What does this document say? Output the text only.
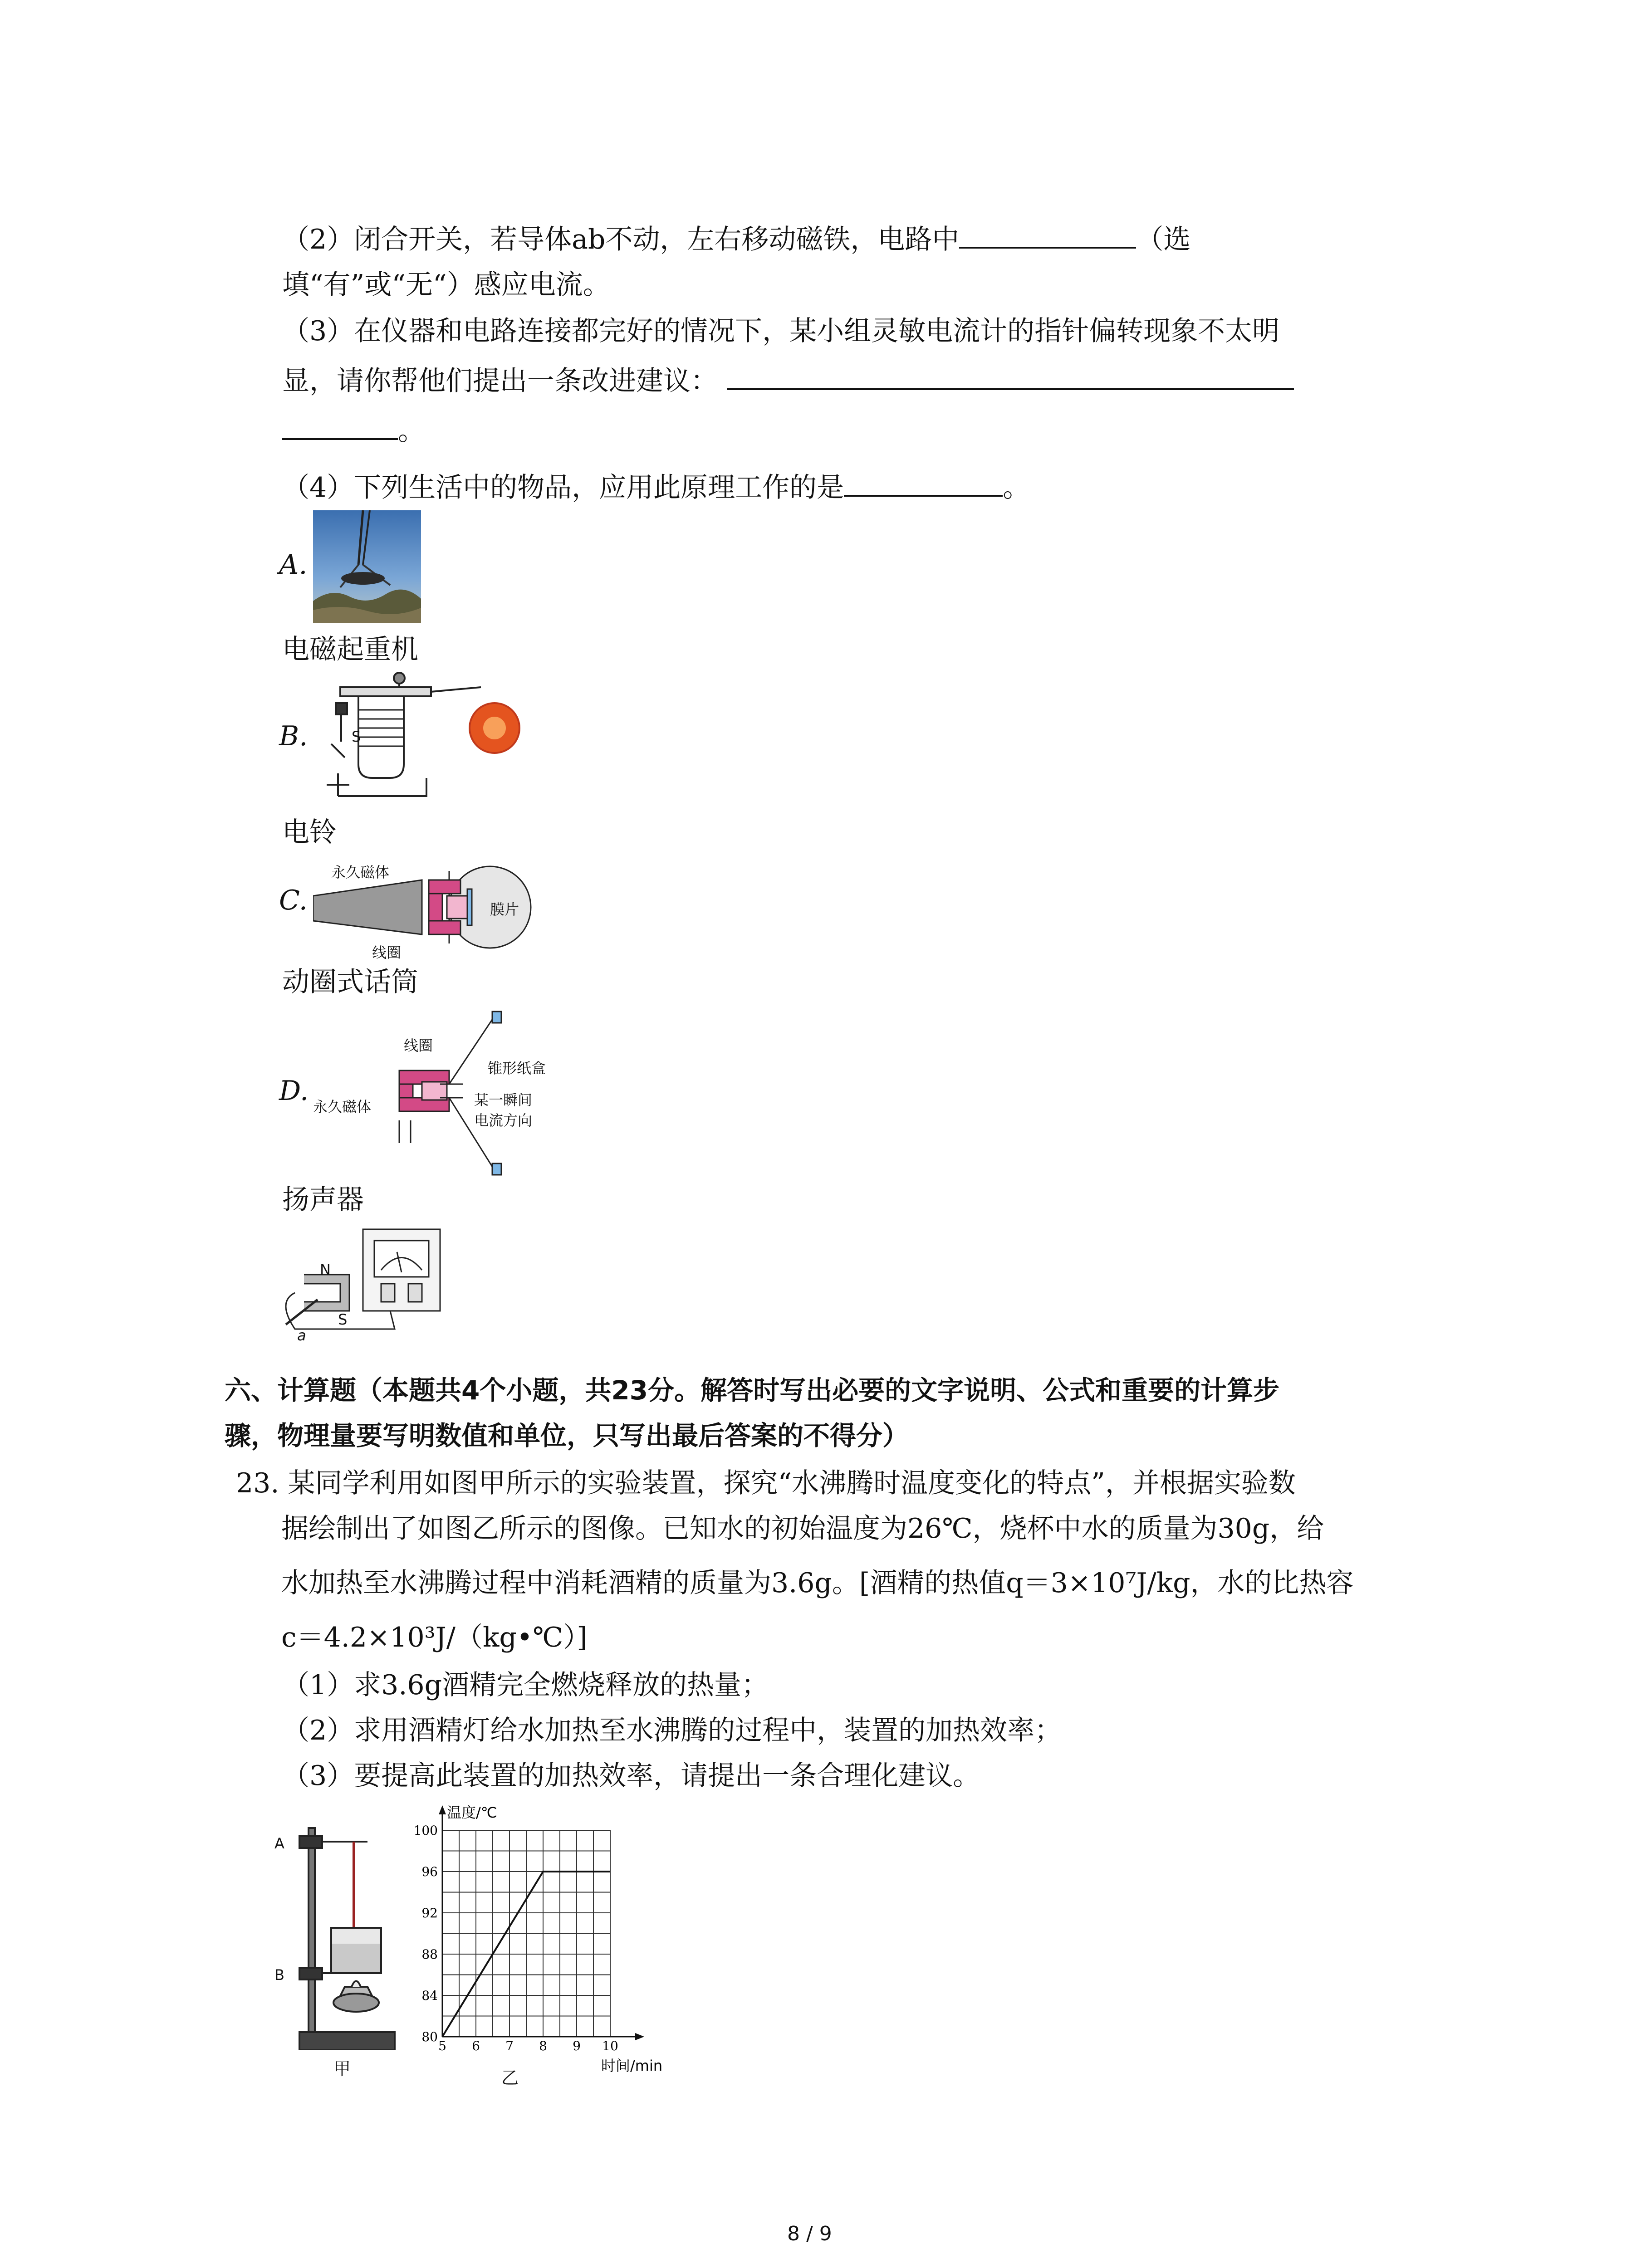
（2）闭合开关，若导体ab不动，左右移动磁铁，电路中	（选
填“有”或“无“）感应电流。
（3）在仪器和电路连接都完好的情况下，某小组灵敏电流计的指针偏转现象不太明
显，请你帮他们提出一条改进建议：
。
（4）下列生活中的物品，应用此原理工作的是	。
A.
电磁起重机
B.	S
电铃
C.
永久磁体
膜片
线圈
动圈式话筒
D.
线圈
锥形纸盒
永久磁体	某一瞬间
电流方向
扬声器
N
S
a
六、计算题（本题共4个小题，共23分。解答时写出必要的文字说明、公式和重要的计算步
骤，物理量要写明数值和单位，只写出最后答案的不得分）
23. 某同学利用如图甲所示的实验装置，探究“水沸腾时温度变化的特点”，并根据实验数
据绘制出了如图乙所示的图像。已知水的初始温度为26℃，烧杯中水的质量为30g，给
水加热至水沸腾过程中消耗酒精的质量为3.6g。[酒精的热值q＝3×10⁷J/kg，水的比热容
c＝4.2×10³J/（kg•℃）]
（1）求3.6g酒精完全燃烧释放的热量；
（2）求用酒精灯给水加热至水沸腾的过程中，装置的加热效率；
（3）要提高此装置的加热效率，请提出一条合理化建议。
A
B
甲
5 6 7 8 9 10
80
84
88
92
96
100
温度/℃
时间/min
乙
8 / 9
